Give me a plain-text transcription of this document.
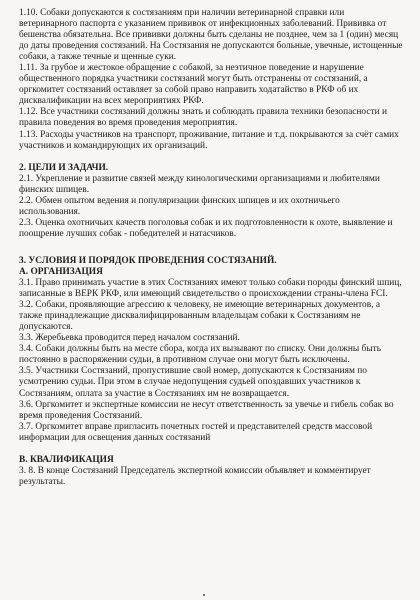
1.10. Собаки допускаются к состязаниям при наличии ветеринарной справки или ветеринарного паспорта с указанием прививок от инфекционных заболеваний. Прививка от бешенства обязательна. Все прививки должны быть сделаны не позднее, чем за 1 (один) месяц до даты проведения состязаний. На Состязания не допускаются больные, увечные, истощенные собаки, а также течные и щенные суки.

1.11. За грубое и жестокое обращение с собакой, за неэтичное поведение и нарушение общественного порядка участники состязаний могут быть отстранены от состязаний, а оргкомитет состязаний оставляет за собой право направить ходатайство в РКФ об их дисквалификации на всех мероприятиях РКФ.

1.12. Все участники состязаний должны знать и соблюдать правила техники безопасности и правила поведения во время проведения мероприятия.

1.13. Расходы участников на транспорт, проживание, питание и т.д. покрываются за счёт самих участников и командирующих их организаций.

2. ЦЕЛИ И ЗАДАЧИ.

2.1. Укрепление и развитие связей между кинологическими организациями и любителями финских шпицев.

2.2. Обмен опытом ведения и популяризации финских шпицев и их охотничьего использования.

2.3. Оценка охотничьих качеств поголовья собак и их подготовленности к охоте, выявление и поощрение лучших собак - победителей и натасчиков.

3. УСЛОВИЯ И ПОРЯДОК ПРОВЕДЕНИЯ СОСТЯЗАНИЙ.

А. ОРГАНИЗАЦИЯ

3.1. Право принимать участие в этих Состязаниях имеют только собаки породы финский шпиц, записанные в ВЕРК РКФ, или имеющий свидетельство о происхождении страны-члена FCI.

3.2. Собаки, проявляющие агрессию к человеку, не имеющие ветеринарных документов, а также принадлежащие дисквалифицированным владельцам собаки к Состязаниям не допускаются.

3.3. Жеребьевка проводится перед началом состязаний.

3.4. Собаки должны быть на месте сбора, когда их вызывают по списку. Они должны быть постоянно в распоряжении судьи, в противном случае они могут быть исключены.

3.5. Участники Состязаний, пропустившие свой номер, допускаются к Состязаниям по усмотрению судьи. При этом в случае недопущения судьей опоздавших участников к Состязаниям, оплата за участие в Состязаниях им не возвращается.

3.6. Оргкомитет и экспертные комиссии не несут ответственность за увечье и гибель собак во время проведения Состязаний.

3.7. Оргкомитет вправе пригласить почетных гостей и представителей средств массовой информации для освещения данных состязаний

В. КВАЛИФИКАЦИЯ

3. 8. В конце Состязаний Председатель экспертной комиссии объявляет и комментирует результаты.
